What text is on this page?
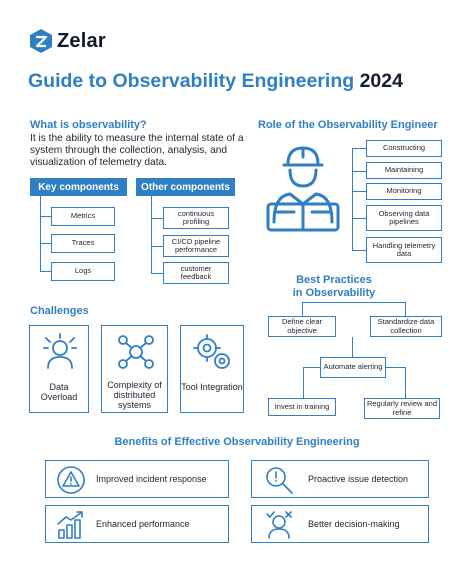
Zelar
Guide to Observability Engineering 2024
What is observability?
It is the ability to measure the internal state of a system through the collection, analysis, and visualization of telemetry data.
Key components
Metrics
Traces
Logs
Other components
continuous profiling
CI/CD pipeline performance
customer feedback
Role of the Observability Engineer
Constructing
Maintaining
Monitoring
Observing data pipelines
Handling telemetry data
Best Practices
in Observability
Define clear objective
Standardize data collection
Automate alerting
Invest in training	Regularly review and refine
Challenges
Data Overload
Complexity of distributed systems
Tool Integration
Benefits of Effective Observability Engineering
Improved incident response	Proactive issue detection
Enhanced performance	Better decision-making
